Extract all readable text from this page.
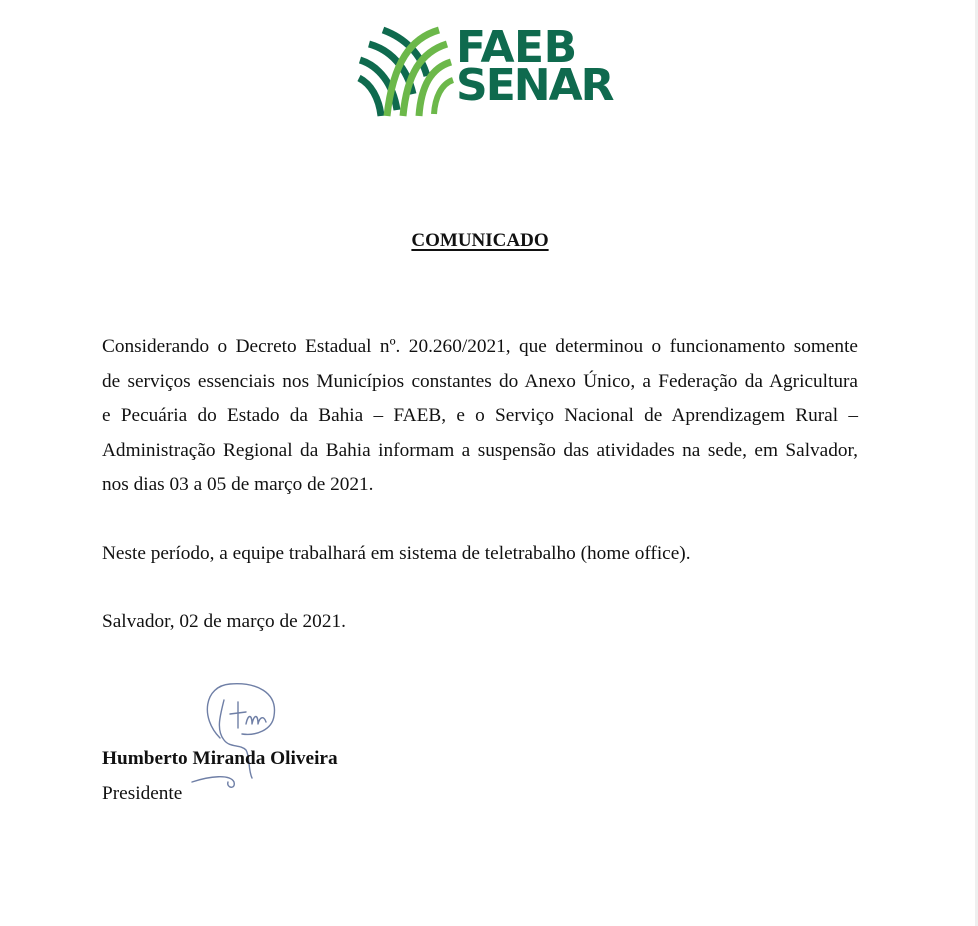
FAEB
SENAR
COMUNICADO
Considerando o Decreto Estadual nº. 20.260/2021, que determinou o funcionamento somente
de serviços essenciais nos Municípios constantes do Anexo Único, a Federação da Agricultura
e Pecuária do Estado da Bahia – FAEB, e o Serviço Nacional de Aprendizagem Rural –
Administração Regional da Bahia informam a suspensão das atividades na sede, em Salvador,
nos dias 03 a 05 de março de 2021.

Neste período, a equipe trabalhará em sistema de teletrabalho (home office).

Salvador, 02 de março de 2021.

Humberto Miranda Oliveira
Presidente
